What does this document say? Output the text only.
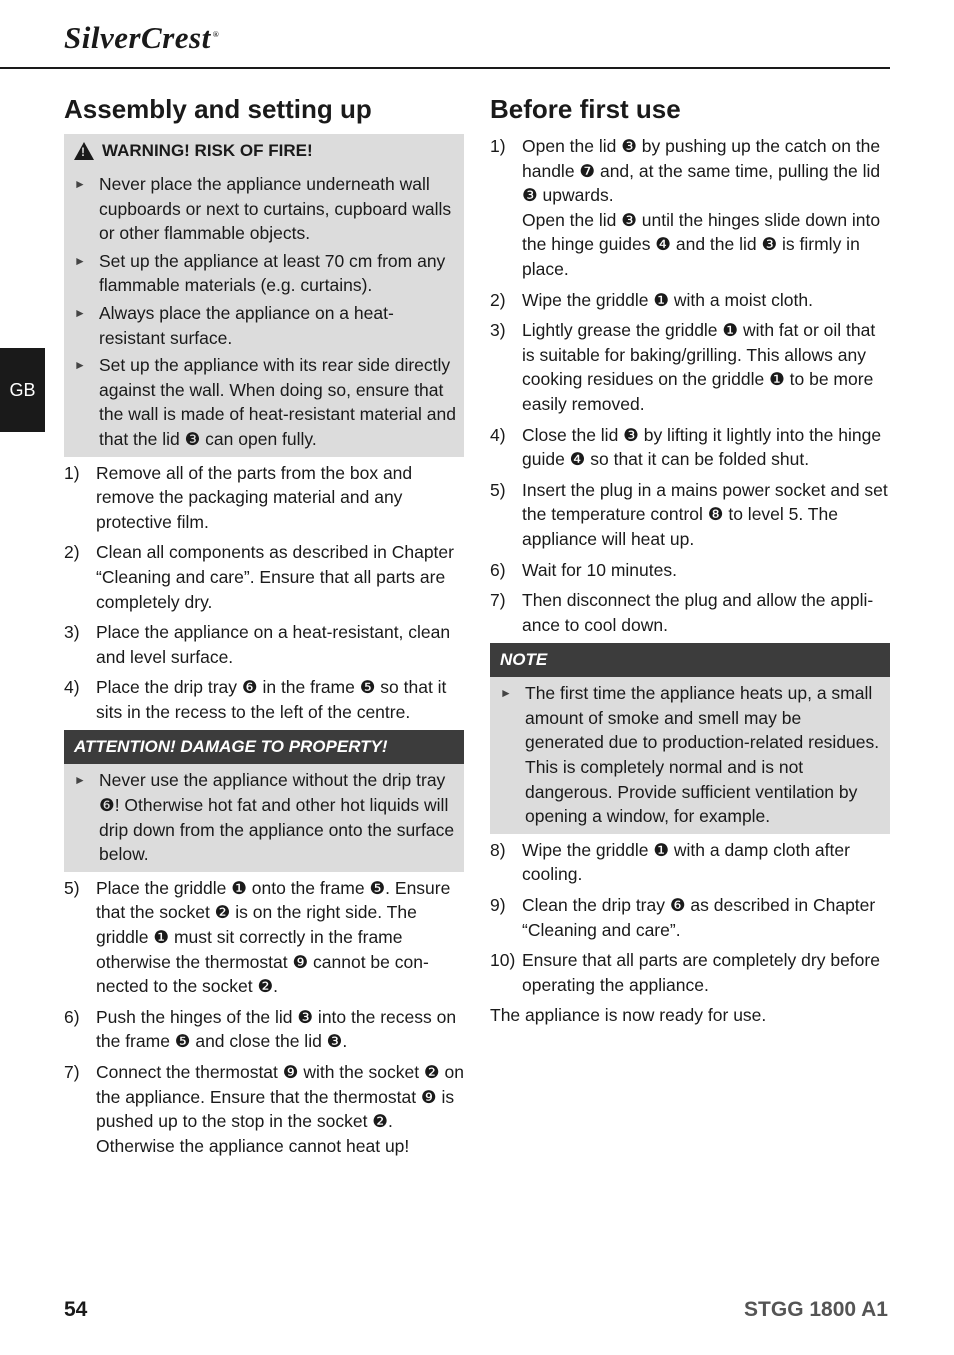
SilverCrest ®
GB
Assembly and setting up
!
WARNING! RISK OF FIRE!
► Never place the appliance underneath wall cupboards or next to curtains, cupboard walls or other flammable objects.
► Set up the appliance at least 70 cm from any flammable materials (e.g. curtains).
► Always place the appliance on a heat-resistant surface.
► Set up the appliance with its rear side directly against the wall. When doing so, ensure that the wall is made of heat-resistant material and that the lid ❸ can open fully.
1) Remove all of the parts from the box and remove the packaging material and any protective film.
2) Clean all components as described in Chapter “Cleaning and care”. Ensure that all parts are completely dry.
3) Place the appliance on a heat-resistant, clean and level surface.
4) Place the drip tray ❻ in the frame ❺ so that it sits in the recess to the left of the centre.
ATTENTION! DAMAGE TO PROPERTY!
► Never use the appliance without the drip tray ❻! Otherwise hot fat and other hot liquids will drip down from the appliance onto the surface below.
5) Place the griddle ❶ onto the frame ❺. Ensure that the socket ❷ is on the right side. The griddle ❶ must sit correctly in the frame otherwise the thermostat ❾ cannot be connected to the socket ❷.
6) Push the hinges of the lid ❸ into the recess on the frame ❺ and close the lid ❸.
7) Connect the thermostat ❾ with the socket ❷ on the appliance. Ensure that the thermostat ❾ is pushed up to the stop in the socket ❷. Otherwise the appliance cannot heat up!
Before first use
1) Open the lid ❸ by pushing up the catch on the handle ❼ and, at the same time, pulling the lid ❸ upwards.
Open the lid ❸ until the hinges slide down into the hinge guides ❹ and the lid ❸ is firmly in place.
2) Wipe the griddle ❶ with a moist cloth.
3) Lightly grease the griddle ❶ with fat or oil that is suitable for baking/grilling. This allows any cooking residues on the griddle ❶ to be more easily removed.
4) Close the lid ❸ by lifting it lightly into the hinge guide ❹ so that it can be folded shut.
5) Insert the plug in a mains power socket and set the temperature control ❽ to level 5. The appliance will heat up.
6) Wait for 10 minutes.
7) Then disconnect the plug and allow the appliance to cool down.
NOTE
► The first time the appliance heats up, a small amount of smoke and smell may be generated due to production-related residues. This is completely normal and is not dangerous. Provide sufficient ventilation by opening a window, for example.
8) Wipe the griddle ❶ with a damp cloth after cooling.
9) Clean the drip tray ❻ as described in Chapter “Cleaning and care”.
10) Ensure that all parts are completely dry before operating the appliance.

The appliance is now ready for use.

54	STGG 1800 A1
